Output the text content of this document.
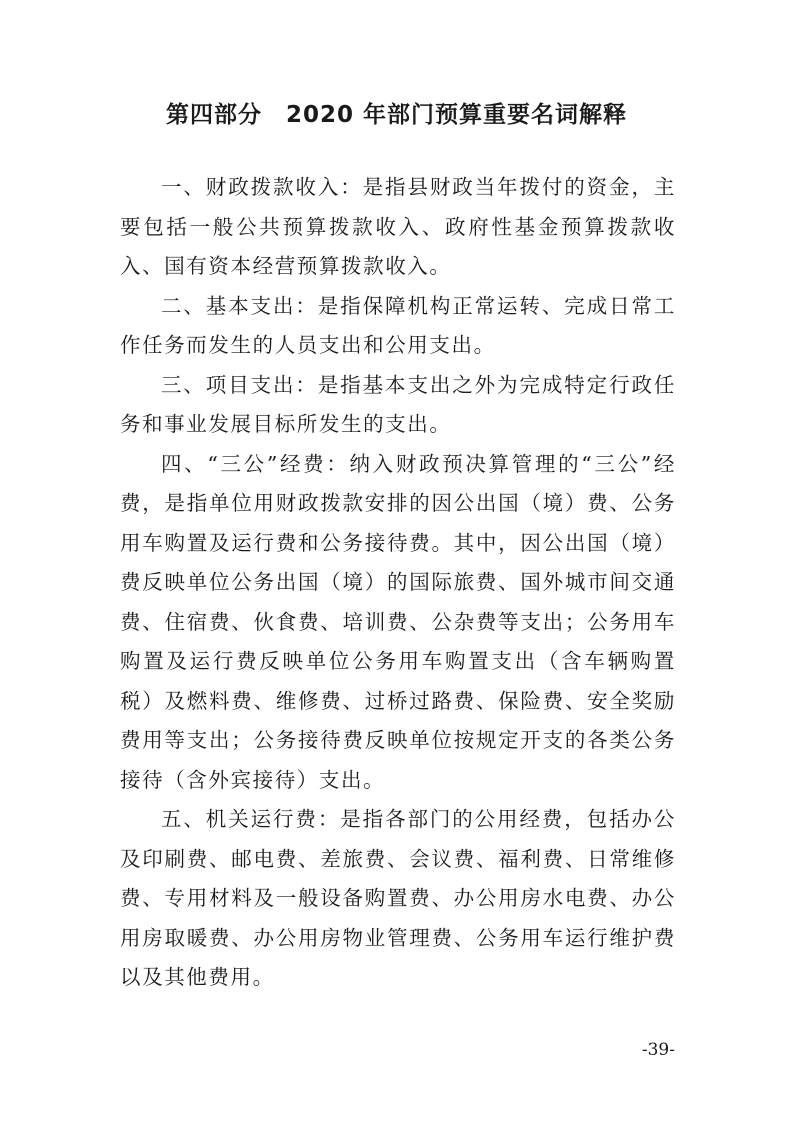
第四部分　2020 年部门预算重要名词解释

一、财政拨款收入：是指县财政当年拨付的资金，主要包括一般公共预算拨款收入、政府性基金预算拨款收入、国有资本经营预算拨款收入。

二、基本支出：是指保障机构正常运转、完成日常工作任务而发生的人员支出和公用支出。

三、项目支出：是指基本支出之外为完成特定行政任务和事业发展目标所发生的支出。

四、“三公”经费：纳入财政预决算管理的“三公”经费，是指单位用财政拨款安排的因公出国（境）费、公务用车购置及运行费和公务接待费。其中，因公出国（境）费反映单位公务出国（境）的国际旅费、国外城市间交通费、住宿费、伙食费、培训费、公杂费等支出；公务用车购置及运行费反映单位公务用车购置支出（含车辆购置税）及燃料费、维修费、过桥过路费、保险费、安全奖励费用等支出；公务接待费反映单位按规定开支的各类公务接待（含外宾接待）支出。

五、机关运行费：是指各部门的公用经费，包括办公及印刷费、邮电费、差旅费、会议费、福利费、日常维修费、专用材料及一般设备购置费、办公用房水电费、办公用房取暖费、办公用房物业管理费、公务用车运行维护费以及其他费用。

-39-
